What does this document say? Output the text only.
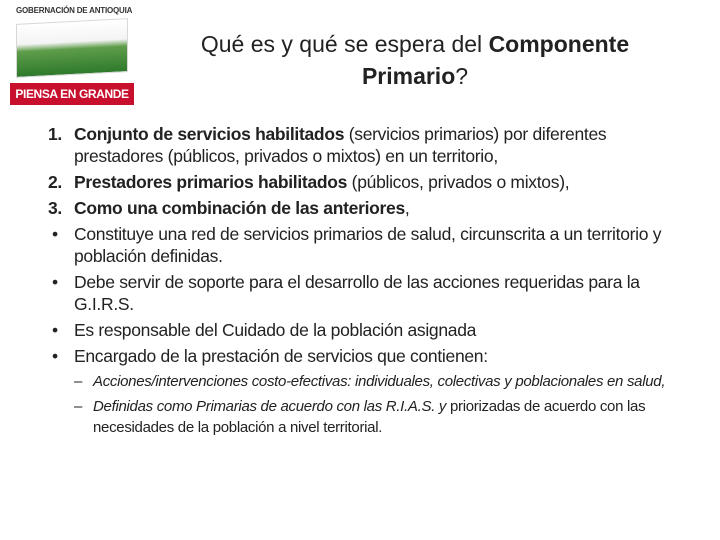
GOBERNACIÓN DE ANTIOQUIA
PIENSA EN GRANDE
Qué es y qué se espera del Componente Primario?
1. Conjunto de servicios habilitados (servicios primarios) por diferentes prestadores (públicos, privados o mixtos) en un territorio,
2. Prestadores primarios habilitados (públicos, privados o mixtos),
3. Como una combinación de las anteriores,
• Constituye una red de servicios primarios de salud, circunscrita a un territorio y población definidas.
• Debe servir de soporte para el desarrollo de las acciones requeridas para la G.I.R.S.
• Es responsable del Cuidado de la población asignada
• Encargado de la prestación de servicios que contienen:
– Acciones/intervenciones costo-efectivas: individuales, colectivas y poblacionales en salud,
– Definidas como Primarias de acuerdo con las R.I.A.S. y priorizadas de acuerdo con las necesidades de la población a nivel territorial.
